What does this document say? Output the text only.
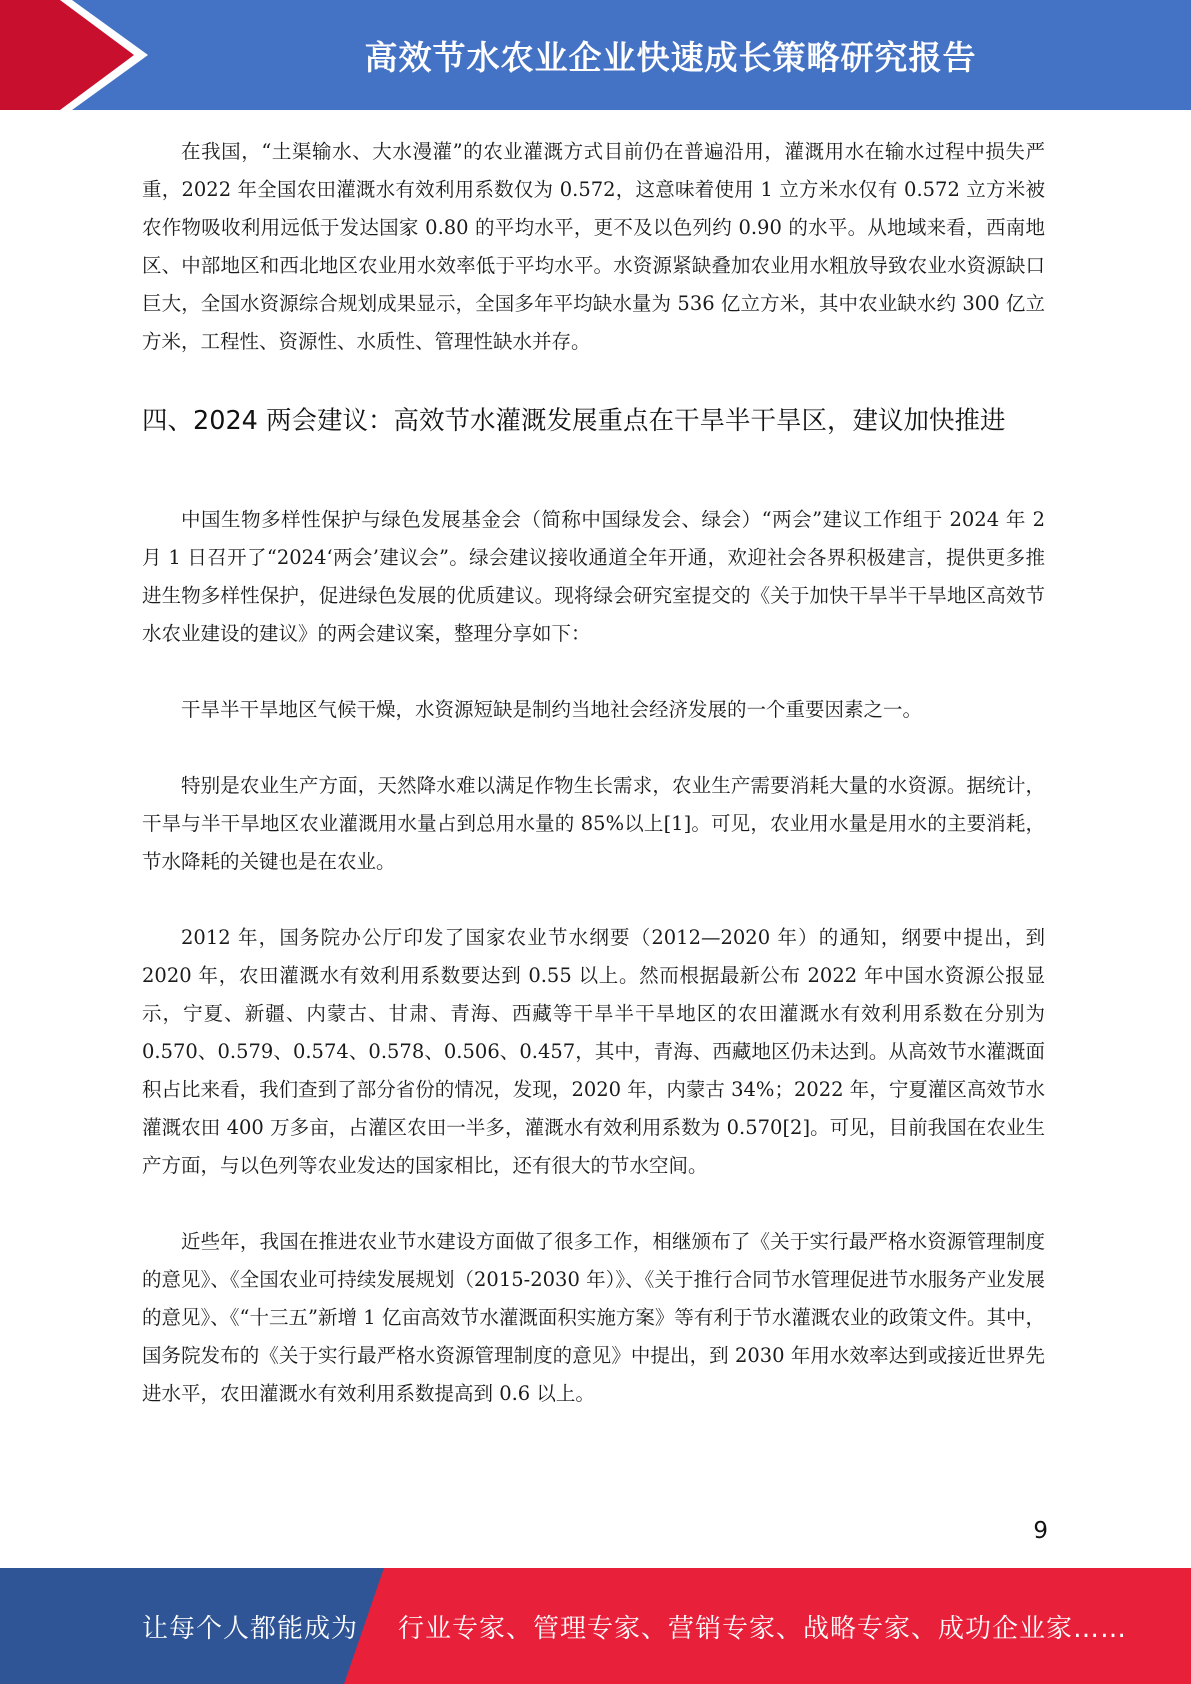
高效节水农业企业快速成长策略研究报告

在我国，“土渠输水、大水漫灌”的农业灌溉方式目前仍在普遍沿用，灌溉用水在输水过程中损失严重，2022 年全国农田灌溉水有效利用系数仅为 0.572，这意味着使用 1 立方米水仅有 0.572 立方米被农作物吸收利用远低于发达国家 0.80 的平均水平，更不及以色列约 0.90 的水平。从地域来看，西南地区、中部地区和西北地区农业用水效率低于平均水平。水资源紧缺叠加农业用水粗放导致农业水资源缺口巨大，全国水资源综合规划成果显示，全国多年平均缺水量为 536 亿立方米，其中农业缺水约 300 亿立方米，工程性、资源性、水质性、管理性缺水并存。

四、2024 两会建议：高效节水灌溉发展重点在干旱半干旱区，建议加快推进

中国生物多样性保护与绿色发展基金会（简称中国绿发会、绿会）“两会”建议工作组于 2024 年 2 月 1 日召开了“2024‘两会’建议会”。绿会建议接收通道全年开通，欢迎社会各界积极建言，提供更多推进生物多样性保护，促进绿色发展的优质建议。现将绿会研究室提交的《关于加快干旱半干旱地区高效节水农业建设的建议》的两会建议案，整理分享如下：

干旱半干旱地区气候干燥，水资源短缺是制约当地社会经济发展的一个重要因素之一。

特别是农业生产方面，天然降水难以满足作物生长需求，农业生产需要消耗大量的水资源。据统计，干旱与半干旱地区农业灌溉用水量占到总用水量的 85%以上[1]。可见，农业用水量是用水的主要消耗，节水降耗的关键也是在农业。

2012 年，国务院办公厅印发了国家农业节水纲要（2012—2020 年）的通知，纲要中提出，到 2020 年，农田灌溉水有效利用系数要达到 0.55 以上。然而根据最新公布 2022 年中国水资源公报显示，宁夏、新疆、内蒙古、甘肃、青海、西藏等干旱半干旱地区的农田灌溉水有效利用系数在分别为 0.570、0.579、0.574、0.578、0.506、0.457，其中，青海、西藏地区仍未达到。从高效节水灌溉面积占比来看，我们查到了部分省份的情况，发现，2020 年，内蒙古 34%；2022 年，宁夏灌区高效节水灌溉农田 400 万多亩，占灌区农田一半多，灌溉水有效利用系数为 0.570[2]。可见，目前我国在农业生产方面，与以色列等农业发达的国家相比，还有很大的节水空间。

近些年，我国在推进农业节水建设方面做了很多工作，相继颁布了《关于实行最严格水资源管理制度的意见》、《全国农业可持续发展规划（2015-2030 年）》、《关于推行合同节水管理促进节水服务产业发展的意见》、《“十三五”新增 1 亿亩高效节水灌溉面积实施方案》等有利于节水灌溉农业的政策文件。其中，国务院发布的《关于实行最严格水资源管理制度的意见》中提出，到 2030 年用水效率达到或接近世界先进水平，农田灌溉水有效利用系数提高到 0.6 以上。

9
让每个人都能成为 行业专家、管理专家、营销专家、战略专家、成功企业家……
